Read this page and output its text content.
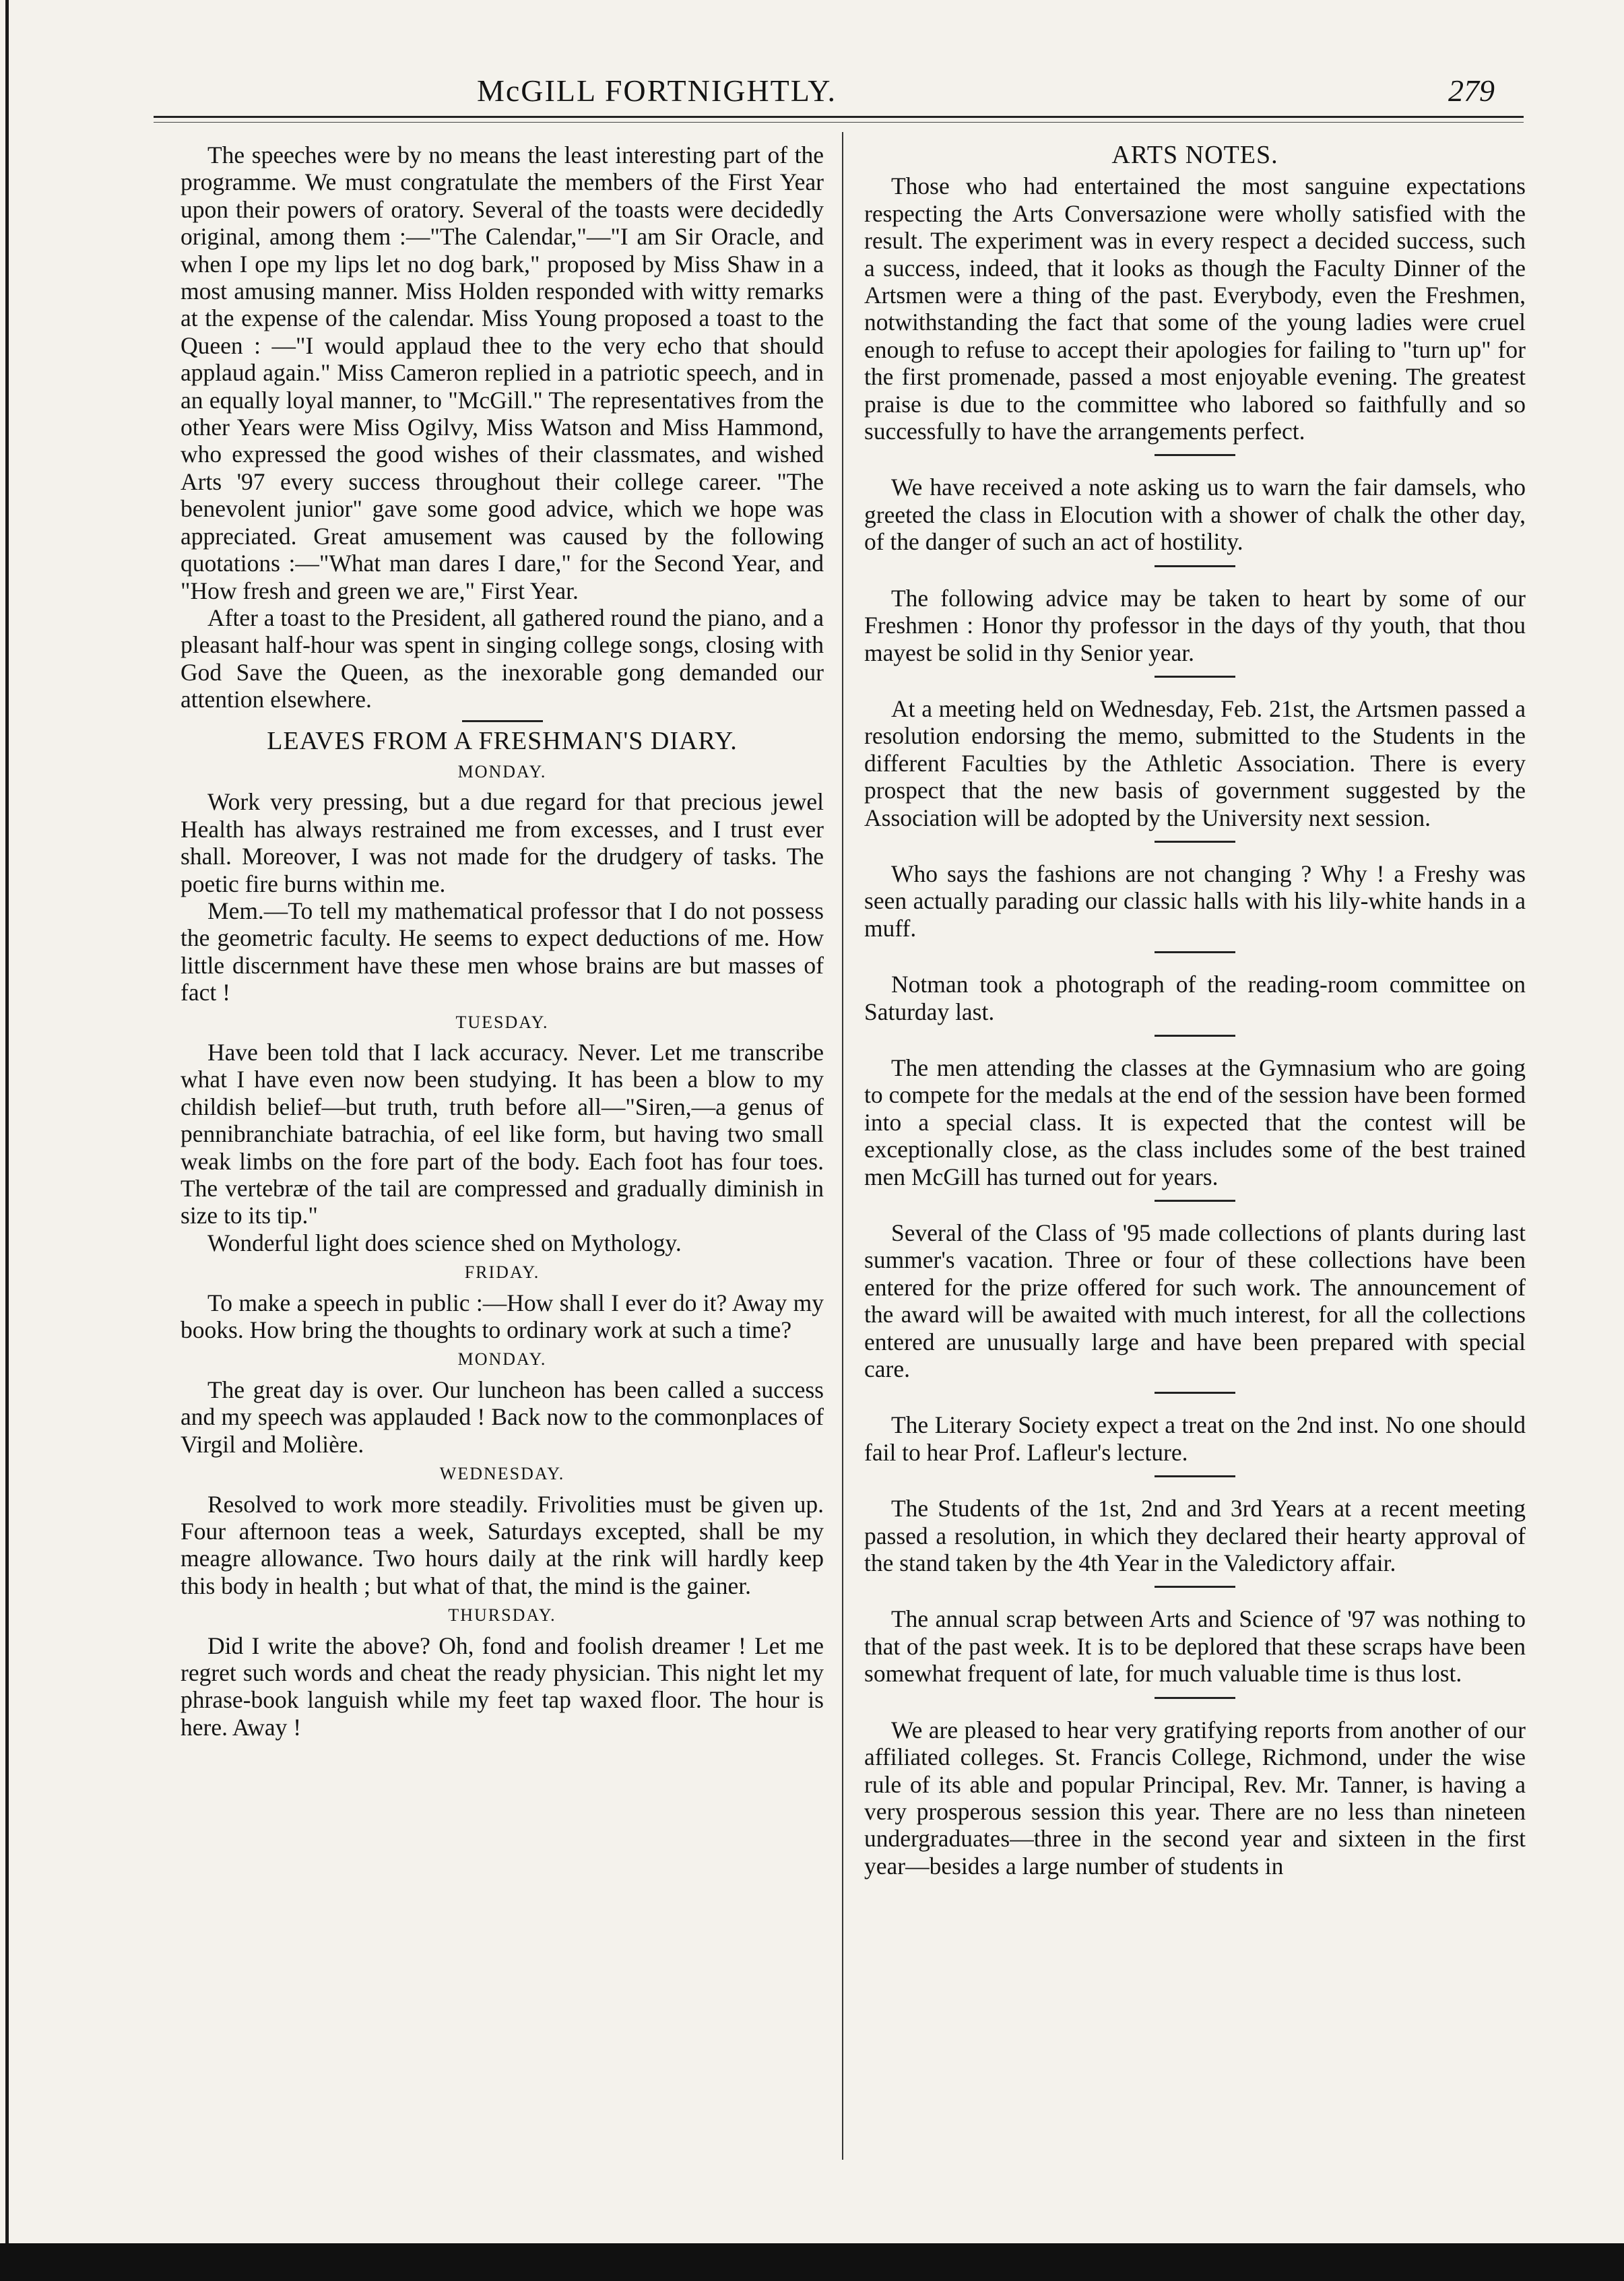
McGILL FORTNIGHTLY.	279

The speeches were by no means the least interesting part of the programme. We must congratulate the members of the First Year upon their powers of oratory. Several of the toasts were decidedly original, among them :—"The Calendar,"—"I am Sir Oracle, and when I ope my lips let no dog bark," proposed by Miss Shaw in a most amusing manner. Miss Holden responded with witty remarks at the expense of the calendar. Miss Young proposed a toast to the Queen : —"I would applaud thee to the very echo that should applaud again." Miss Cameron replied in a patriotic speech, and in an equally loyal manner, to "McGill." The representatives from the other Years were Miss Ogilvy, Miss Watson and Miss Hammond, who expressed the good wishes of their classmates, and wished Arts '97 every success throughout their college career. "The benevolent junior" gave some good advice, which we hope was appreciated. Great amusement was caused by the following quotations :—"What man dares I dare," for the Second Year, and "How fresh and green we are," First Year.

After a toast to the President, all gathered round the piano, and a pleasant half-hour was spent in singing college songs, closing with God Save the Queen, as the inexorable gong demanded our attention elsewhere.

LEAVES FROM A FRESHMAN'S DIARY.
MONDAY.

Work very pressing, but a due regard for that precious jewel Health has always restrained me from excesses, and I trust ever shall. Moreover, I was not made for the drudgery of tasks. The poetic fire burns within me.

Mem.—To tell my mathematical professor that I do not possess the geometric faculty. He seems to expect deductions of me. How little discernment have these men whose brains are but masses of fact !

TUESDAY.

Have been told that I lack accuracy. Never. Let me transcribe what I have even now been studying. It has been a blow to my childish belief—but truth, truth before all—"Siren,—a genus of pennibranchiate batrachia, of eel like form, but having two small weak limbs on the fore part of the body. Each foot has four toes. The vertebræ of the tail are compressed and gradually diminish in size to its tip."

Wonderful light does science shed on Mythology.

FRIDAY.

To make a speech in public :—How shall I ever do it? Away my books. How bring the thoughts to ordinary work at such a time?

MONDAY.

The great day is over. Our luncheon has been called a success and my speech was applauded ! Back now to the commonplaces of Virgil and Molière.

WEDNESDAY.

Resolved to work more steadily. Frivolities must be given up. Four afternoon teas a week, Saturdays excepted, shall be my meagre allowance. Two hours daily at the rink will hardly keep this body in health ; but what of that, the mind is the gainer.

THURSDAY.

Did I write the above? Oh, fond and foolish dreamer ! Let me regret such words and cheat the ready physician. This night let my phrase-book languish while my feet tap waxed floor. The hour is here. Away !

ARTS NOTES.

Those who had entertained the most sanguine expectations respecting the Arts Conversazione were wholly satisfied with the result. The experiment was in every respect a decided success, such a success, indeed, that it looks as though the Faculty Dinner of the Artsmen were a thing of the past. Everybody, even the Freshmen, notwithstanding the fact that some of the young ladies were cruel enough to refuse to accept their apologies for failing to "turn up" for the first promenade, passed a most enjoyable evening. The greatest praise is due to the committee who labored so faithfully and so successfully to have the arrangements perfect.

We have received a note asking us to warn the fair damsels, who greeted the class in Elocution with a shower of chalk the other day, of the danger of such an act of hostility.

The following advice may be taken to heart by some of our Freshmen : Honor thy professor in the days of thy youth, that thou mayest be solid in thy Senior year.

At a meeting held on Wednesday, Feb. 21st, the Artsmen passed a resolution endorsing the memo, submitted to the Students in the different Faculties by the Athletic Association. There is every prospect that the new basis of government suggested by the Association will be adopted by the University next session.

Who says the fashions are not changing ? Why ! a Freshy was seen actually parading our classic halls with his lily-white hands in a muff.

Notman took a photograph of the reading-room committee on Saturday last.

The men attending the classes at the Gymnasium who are going to compete for the medals at the end of the session have been formed into a special class. It is expected that the contest will be exceptionally close, as the class includes some of the best trained men McGill has turned out for years.

Several of the Class of '95 made collections of plants during last summer's vacation. Three or four of these collections have been entered for the prize offered for such work. The announcement of the award will be awaited with much interest, for all the collections entered are unusually large and have been prepared with special care.

The Literary Society expect a treat on the 2nd inst. No one should fail to hear Prof. Lafleur's lecture.

The Students of the 1st, 2nd and 3rd Years at a recent meeting passed a resolution, in which they declared their hearty approval of the stand taken by the 4th Year in the Valedictory affair.

The annual scrap between Arts and Science of '97 was nothing to that of the past week. It is to be deplored that these scraps have been somewhat frequent of late, for much valuable time is thus lost.

We are pleased to hear very gratifying reports from another of our affiliated colleges. St. Francis College, Richmond, under the wise rule of its able and popular Principal, Rev. Mr. Tanner, is having a very prosperous session this year. There are no less than nineteen undergraduates—three in the second year and sixteen in the first year—besides a large number of students in
